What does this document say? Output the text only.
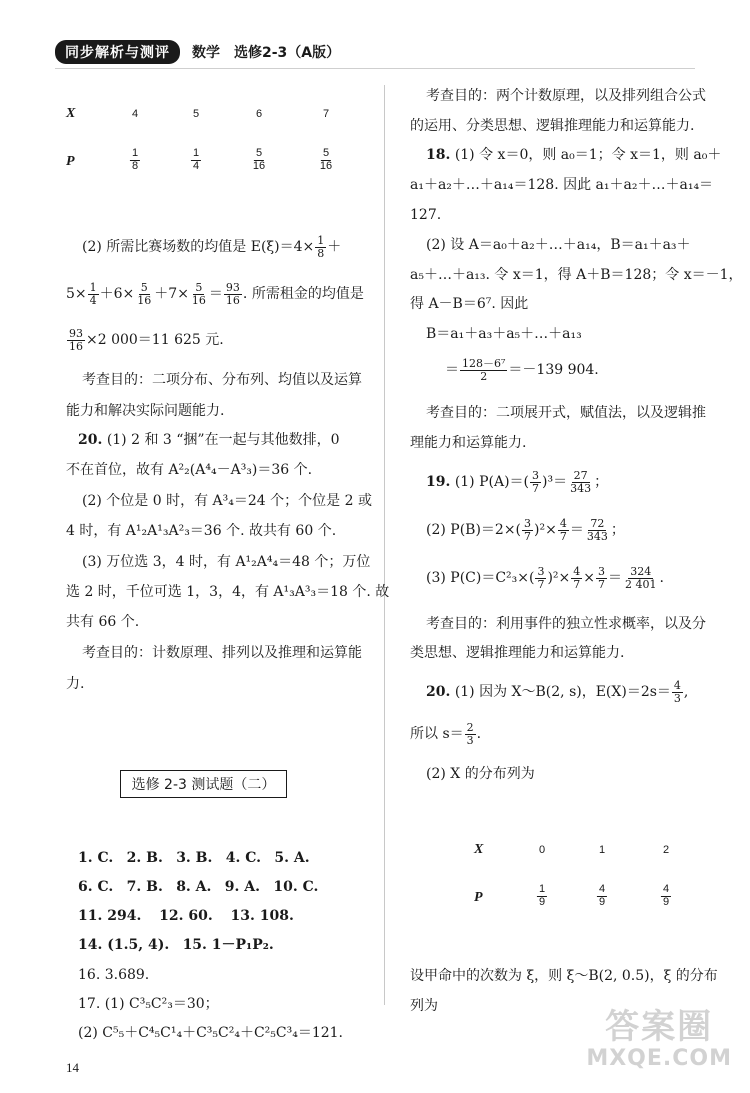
同步解析与测评	数学　选修2-3（A版）
X	4	5	6	7
P	$\frac{1}{8}$	$\frac{1}{4}$	$\frac{5}{16}$	$\frac{5}{16}$
(2) 所需比赛场数的均值是 $E(\xi)=4\times \frac{1}{8}$ ＋
$5\times \frac{1}{4} +6\times \frac{5}{16} +7\times \frac{5}{16} = \frac{93}{16}$ . 所需租金的均值是
$\frac{93}{16} \times 2$ 000＝11 625 元.
考查目的：二项分布、分布列、均值以及运算
能力和解决实际问题能力.
20. (1) 2 和 3 “捆”在一起与其他数排，0
不在首位，故有 A²₂(A⁴₄－A³₃)＝36 个.
(2) 个位是 0 时，有 A³₄＝24 个；个位是 2 或
4 时，有 A¹₂A¹₃A²₃＝36 个. 故共有 60 个.
(3) 万位选 3，4 时，有 A¹₂A⁴₄＝48 个；万位
选 2 时，千位可选 1，3，4，有 A¹₃A³₃＝18 个. 故
共有 66 个.
考查目的：计数原理、排列以及推理和运算能
力.
选修 2-3 测试题（二）
1. C. 2. B. 3. B. 4. C. 5. A.
6. C. 7. B. 8. A. 9. A. 10. C.
11. 294. 12. 60. 13. 108.
14. (1.5, 4). 15. 1－P₁P₂.
16. 3.689.
17. (1) C³₅C²₃＝30；
(2) C⁵₅＋C⁴₅C¹₄＋C³₅C²₄＋C²₅C³₄＝121.
14
考查目的：两个计数原理，以及排列组合公式
的运用、分类思想、逻辑推理能力和运算能力.
18. (1) 令 x＝0，则 a₀＝1；令 x＝1，则 a₀＋
a₁＋a₂＋…＋a₁₄＝128. 因此 a₁＋a₂＋…＋a₁₄＝
127.
(2) 设 A＝a₀＋a₂＋…＋a₁₄，B＝a₁＋a₃＋
a₅＋…＋a₁₃. 令 x＝1，得 A＋B＝128；令 x＝－1，
得 A－B＝6⁷. 因此
B＝a₁＋a₃＋a₅＋…＋a₁₃
＝ $\frac{\text{128－6⁷}}{2} =-139$ 904.
考查目的：二项展开式，赋值法，以及逻辑推
理能力和运算能力.
19. (1) $P(A)=( \frac{3}{7} )^3= \frac{27}{343}$ ；
(2) $P(B)=2\times( \frac{3}{7} )^2\times \frac{4}{7} = \frac{72}{343}$ ；
(3) $P(C)=C^2_3\times( \frac{3}{7} )^2\times \frac{4}{7} \times \frac{3}{7} = \frac{324}{2 401}$ .
考查目的：利用事件的独立性求概率，以及分
类思想、逻辑推理能力和运算能力.
20. (1) 因为 X～B(2, s)，$E(X)=2s= \frac{4}{3}$ ,
所以 $s= \frac{2}{3}$ .
(2) X 的分布列为
X	0	1	2
P	$\frac{1}{9}$	$\frac{4}{9}$	$\frac{4}{9}$
设甲命中的次数为 ξ，则 ξ～B(2, 0.5)，ξ 的分布
列为
答案圈
MXQE.COM
